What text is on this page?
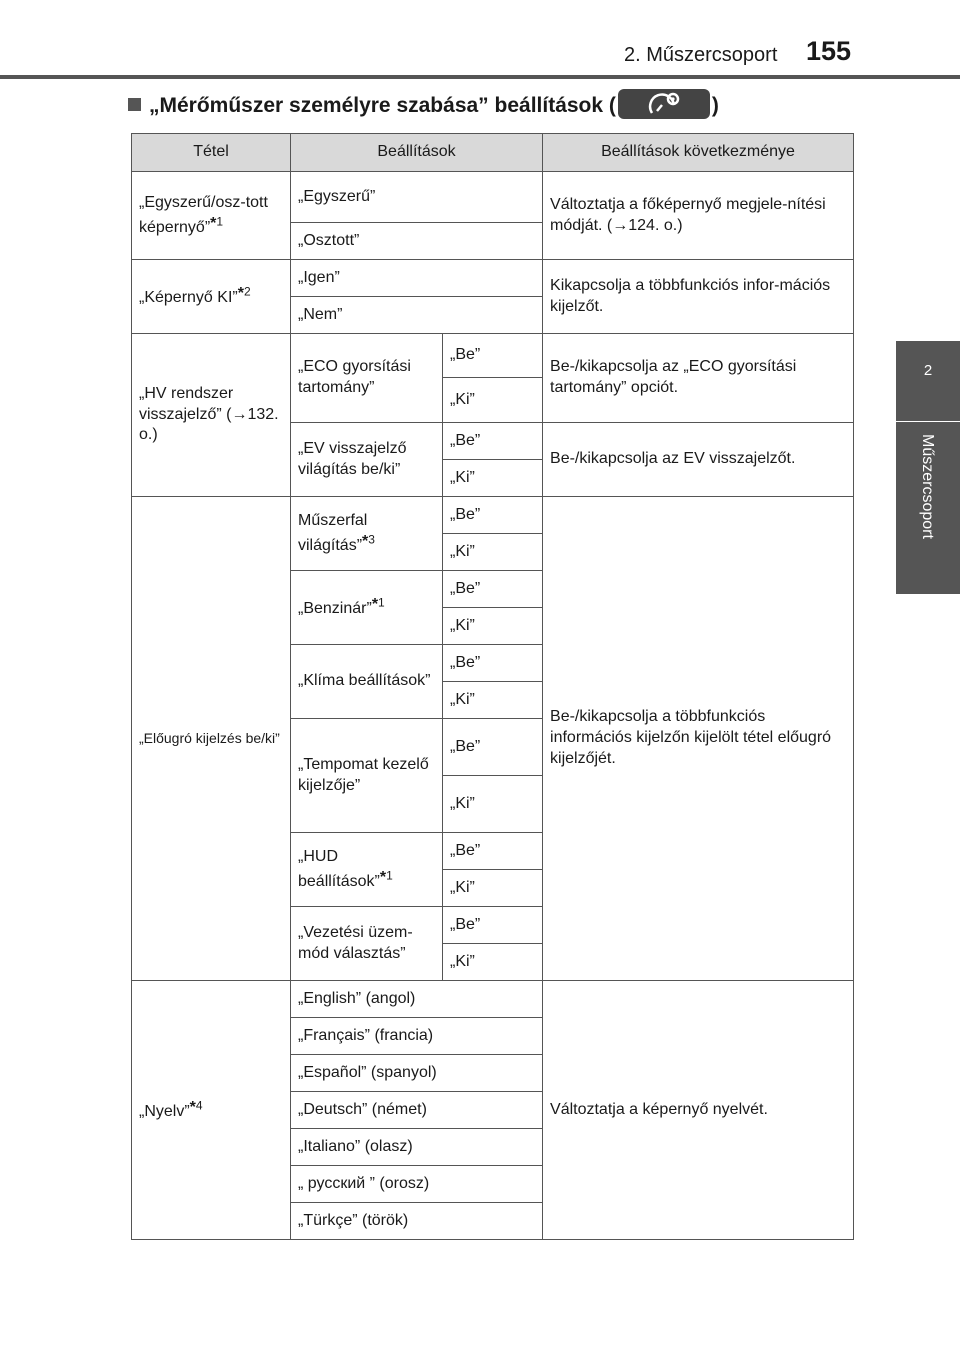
2. Műszercsoport 155
2
Műszercsoport
„Mérőműszer személyre szabása” beállítások (	)
Tétel	Beállítások		Beállítások következménye
„Egyszerű/osz-tott képernyő”*$^1$	„Egyszerű”		Változtatja a főképernyő megjele-nítési módját. (→124. o.)
	„Osztott”		
„Képernyő KI”*$^2$	„Igen”		Kikapcsolja a többfunkciós infor-mációs kijelzőt.
	„Nem”		
„HV rendszer visszajelző” (→132. o.)	„ECO gyorsítási tartomány”	„Be”	Be-/kikapcsolja az „ECO gyorsítási tartomány” opciót.
		„Ki”	
	„EV visszajelző világítás be/ki”	„Be”	Be-/kikapcsolja az EV visszajelzőt.
		„Ki”	
„Előugró kijelzés be/ki”	Műszerfal világítás”*$^3$	„Be”	Be-/kikapcsolja a többfunkciós információs kijelzőn kijelölt tétel előugró kijelzőjét.
		„Ki”	
	„Benzinár”*$^1$	„Be”	
		„Ki”	
	„Klíma beállítások”	„Be”	
		„Ki”	
	„Tempomat kezelő kijelzője”	„Be”	
		„Ki”	
	„HUD beállítások”*$^1$	„Be”	
		„Ki”	
	„Vezetési üzem-mód választás”	„Be”	
		„Ki”	
„Nyelv”*$^4$	„English” (angol)		Változtatja a képernyő nyelvét.
	„Français” (francia)		
	„Español” (spanyol)		
	„Deutsch” (német)		
	„Italiano” (olasz)		
	„ русский ” (orosz)		
	„Türkçe” (török)		
